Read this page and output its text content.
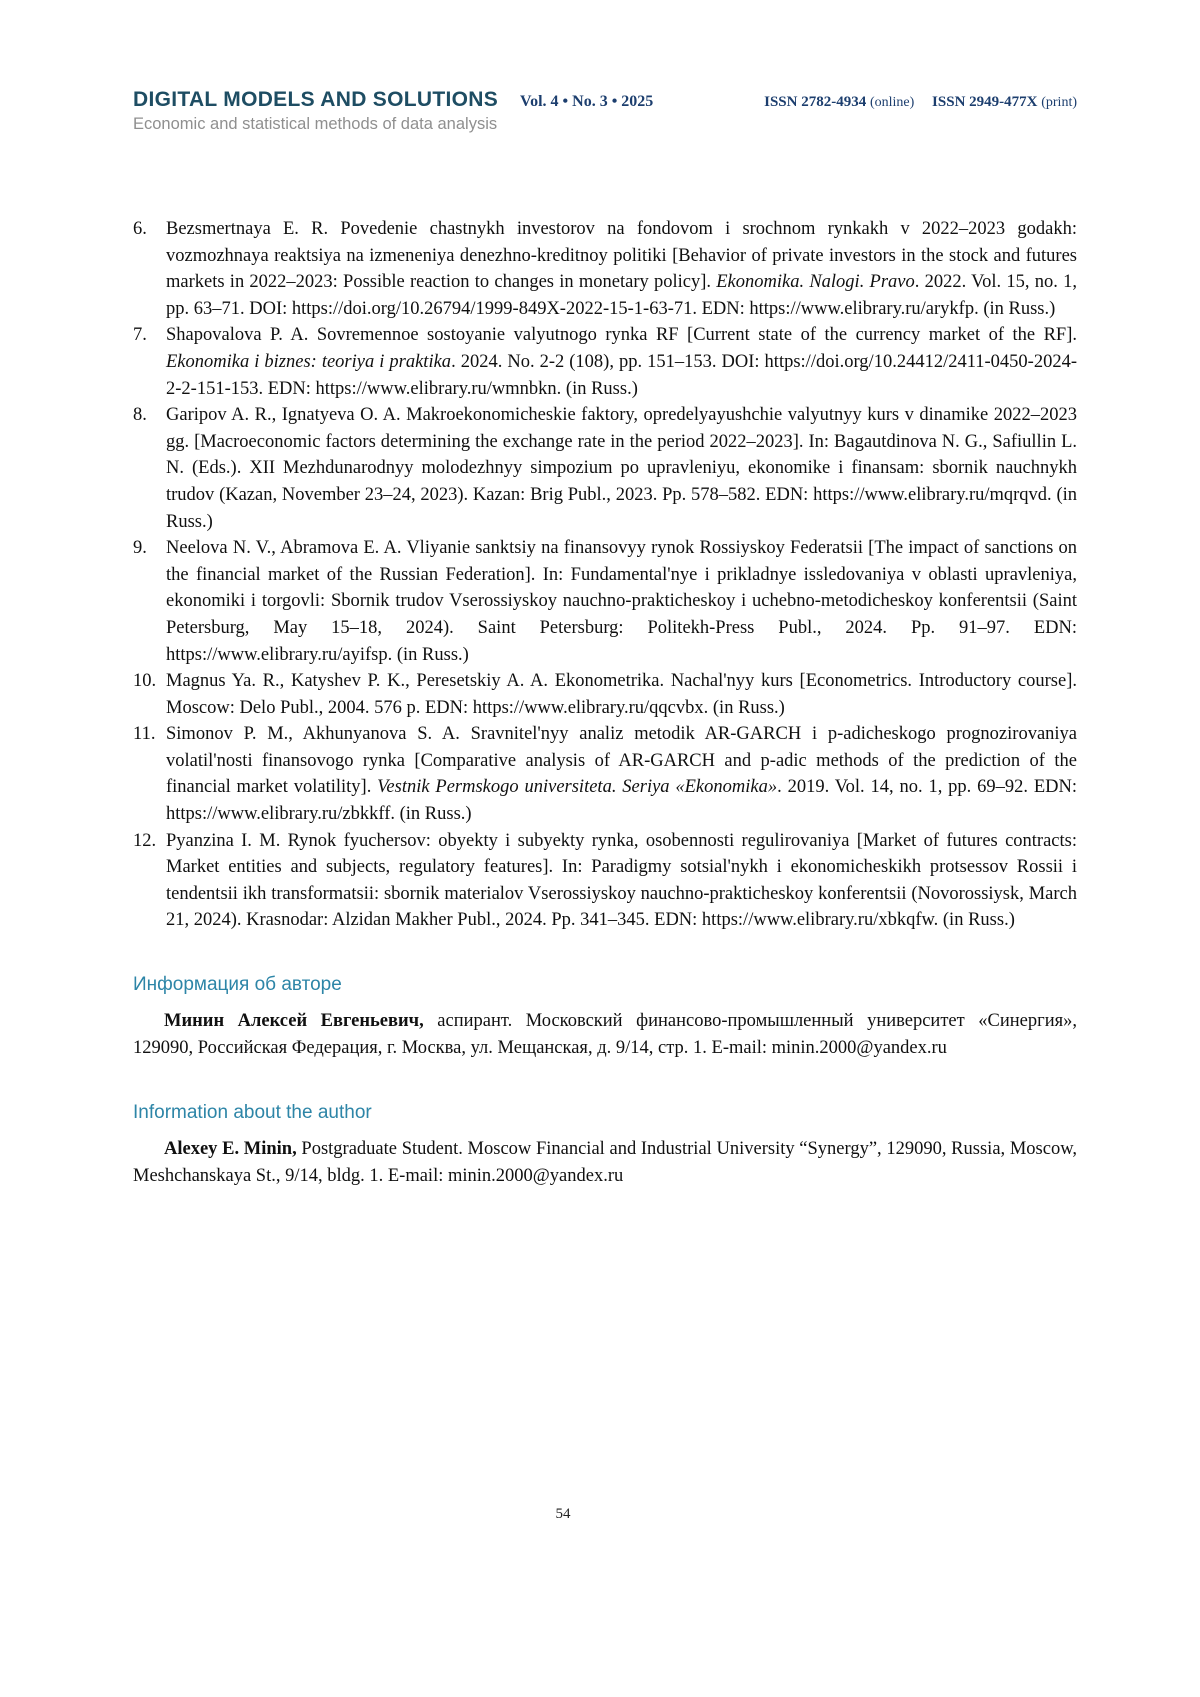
DIGITAL MODELS AND SOLUTIONS Vol. 4 • No. 3 • 2025	ISSN 2782-4934 (online) ISSN 2949-477X (print)
Economic and statistical methods of data analysis
6.	Bezsmertnaya E. R. Povedenie chastnykh investorov na fondovom i srochnom rynkakh v 2022–2023 godakh: vozmozhnaya reaktsiya na izmeneniya denezhno-kreditnoy politiki [Behavior of private investors in the stock and futures markets in 2022–2023: Possible reaction to changes in monetary policy]. Ekonomika. Nalogi. Pravo. 2022. Vol. 15, no. 1, pp. 63–71. DOI: https://doi.org/10.26794/1999-849X-2022-15-1-63-71. EDN: https://www.elibrary.ru/arykfp. (in Russ.)
7.	Shapovalova P. A. Sovremennoe sostoyanie valyutnogo rynka RF [Current state of the currency market of the RF]. Ekonomika i biznes: teoriya i praktika. 2024. No. 2-2 (108), pp. 151–153. DOI: https://doi.org/10.24412/2411-0450-2024-2-2-151-153. EDN: https://www.elibrary.ru/wmnbkn. (in Russ.)
8.	Garipov A. R., Ignatyeva O. A. Makroekonomicheskie faktory, opredelyayushchie valyutnyy kurs v dinamike 2022–2023 gg. [Macroeconomic factors determining the exchange rate in the period 2022–2023]. In: Bagautdinova N. G., Safiullin L. N. (Eds.). XII Mezhdunarodnyy molodezhnyy simpozium po upravleniyu, ekonomike i finansam: sbornik nauchnykh trudov (Kazan, November 23–24, 2023). Kazan: Brig Publ., 2023. Pp. 578–582. EDN: https://www.elibrary.ru/mqrqvd. (in Russ.)
9.	Neelova N. V., Abramova E. A. Vliyanie sanktsiy na finansovyy rynok Rossiyskoy Federatsii [The impact of sanctions on the financial market of the Russian Federation]. In: Fundamental'nye i prikladnye issledovaniya v oblasti upravleniya, ekonomiki i torgovli: Sbornik trudov Vserossiyskoy nauchno-prakticheskoy i uchebno-metodicheskoy konferentsii (Saint Petersburg, May 15–18, 2024). Saint Petersburg: Politekh-Press Publ., 2024. Pp. 91–97. EDN: https://www.elibrary.ru/ayifsp. (in Russ.)
10. Magnus Ya. R., Katyshev P. K., Peresetskiy A. A. Ekonometrika. Nachal'nyy kurs [Econometrics. Introductory course]. Moscow: Delo Publ., 2004. 576 p. EDN: https://www.elibrary.ru/qqcvbx. (in Russ.)
11. Simonov P. M., Akhunyanova S. A. Sravnitel'nyy analiz metodik AR-GARCH i p-adicheskogo prognozirovaniya volatil'nosti finansovogo rynka [Comparative analysis of AR-GARCH and p-adic methods of the prediction of the financial market volatility]. Vestnik Permskogo universiteta. Seriya «Ekonomika». 2019. Vol. 14, no. 1, pp. 69–92. EDN: https://www.elibrary.ru/zbkkff. (in Russ.)
12. Pyanzina I. M. Rynok fyuchersov: obyekty i subyekty rynka, osobennosti regulirovaniya [Market of futures contracts: Market entities and subjects, regulatory features]. In: Paradigmy sotsial'nykh i ekonomicheskikh protsessov Rossii i tendentsii ikh transformatsii: sbornik materialov Vserossiyskoy nauchno-prakticheskoy konferentsii (Novorossiysk, March 21, 2024). Krasnodar: Alzidan Makher Publ., 2024. Pp. 341–345. EDN: https://www.elibrary.ru/xbkqfw. (in Russ.)
Информация об авторе

Минин Алексей Евгеньевич, аспирант. Московский финансово-промышленный университет «Синергия», 129090, Российская Федерация, г. Москва, ул. Мещанская, д. 9/14, стр. 1. E-mail: minin.2000@yandex.ru

Information about the author

Alexey E. Minin, Postgraduate Student. Moscow Financial and Industrial University “Synergy”, 129090, Russia, Moscow, Meshchanskaya St., 9/14, bldg. 1. E-mail: minin.2000@yandex.ru

54
